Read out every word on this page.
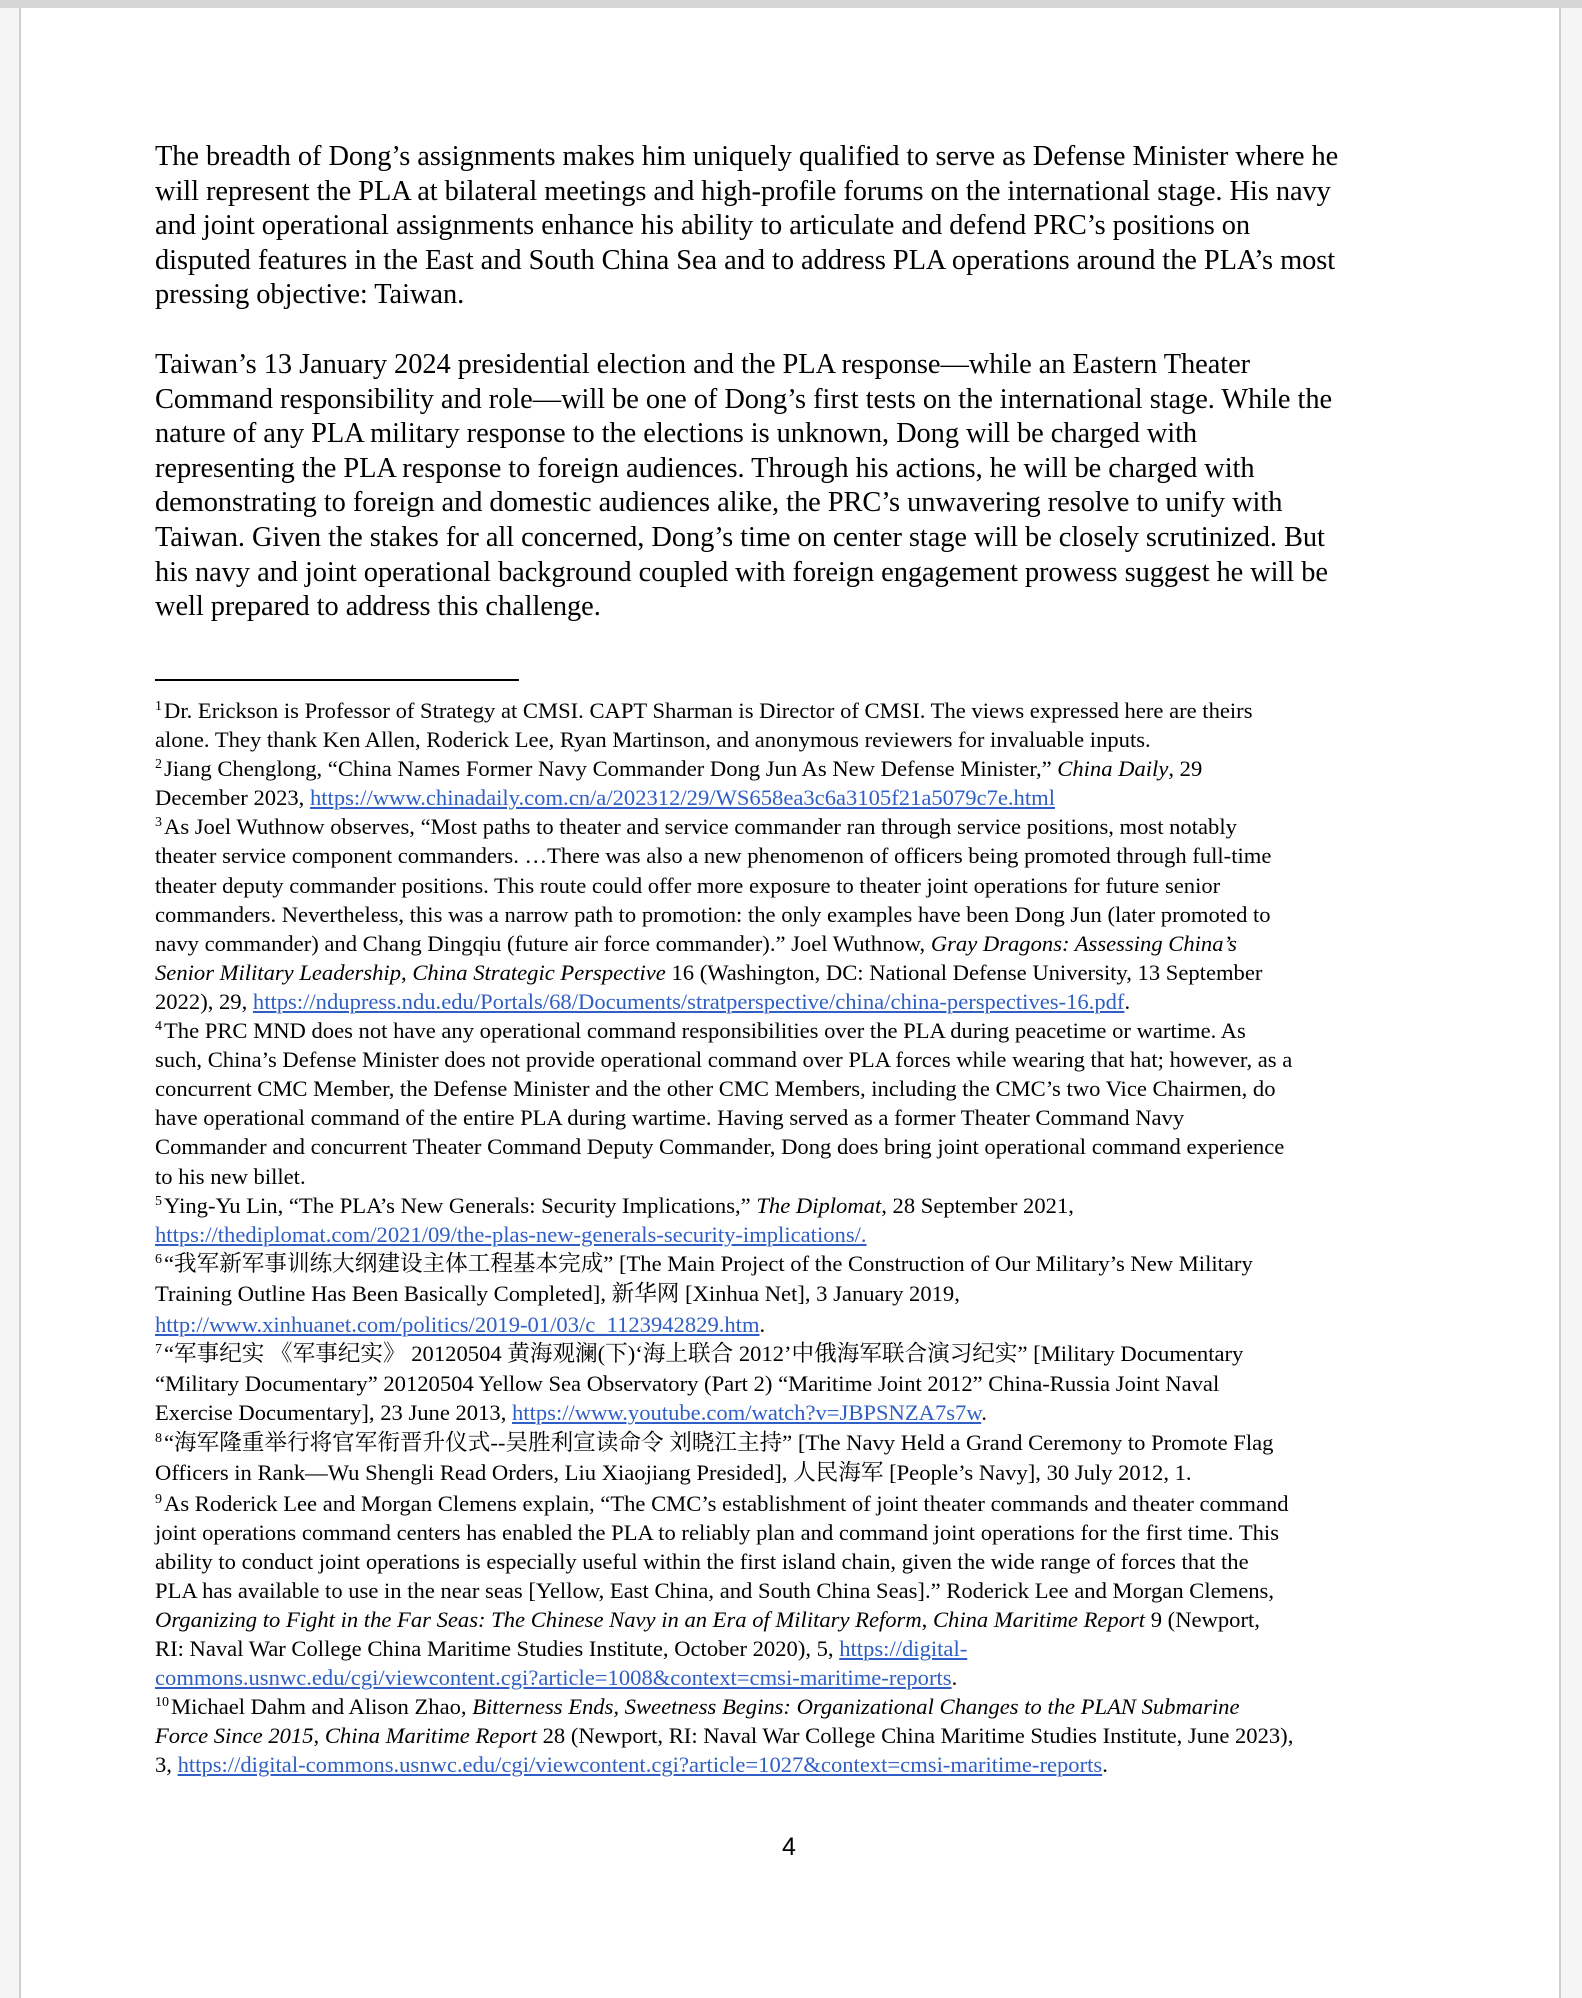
The breadth of Dong’s assignments makes him uniquely qualified to serve as Defense Minister where he
will represent the PLA at bilateral meetings and high-profile forums on the international stage. His navy
and joint operational assignments enhance his ability to articulate and defend PRC’s positions on
disputed features in the East and South China Sea and to address PLA operations around the PLA’s most
pressing objective: Taiwan.
Taiwan’s 13 January 2024 presidential election and the PLA response—while an Eastern Theater
Command responsibility and role—will be one of Dong’s first tests on the international stage. While the
nature of any PLA military response to the elections is unknown, Dong will be charged with
representing the PLA response to foreign audiences. Through his actions, he will be charged with
demonstrating to foreign and domestic audiences alike, the PRC’s unwavering resolve to unify with
Taiwan. Given the stakes for all concerned, Dong’s time on center stage will be closely scrutinized. But
his navy and joint operational background coupled with foreign engagement prowess suggest he will be
well prepared to address this challenge.
$^1$Dr. Erickson is Professor of Strategy at CMSI. CAPT Sharman is Director of CMSI. The views expressed here are theirs
alone. They thank Ken Allen, Roderick Lee, Ryan Martinson, and anonymous reviewers for invaluable inputs.
$^2$Jiang Chenglong, “China Names Former Navy Commander Dong Jun As New Defense Minister,” China Daily, 29
December 2023, https://www.chinadaily.com.cn/a/202312/29/WS658ea3c6a3105f21a5079c7e.html
$^3$As Joel Wuthnow observes, “Most paths to theater and service commander ran through service positions, most notably
theater service component commanders. …There was also a new phenomenon of officers being promoted through full-time
theater deputy commander positions. This route could offer more exposure to theater joint operations for future senior
commanders. Nevertheless, this was a narrow path to promotion: the only examples have been Dong Jun (later promoted to
navy commander) and Chang Dingqiu (future air force commander).” Joel Wuthnow, Gray Dragons: Assessing China’s
Senior Military Leadership, China Strategic Perspective 16 (Washington, DC: National Defense University, 13 September
2022), 29, https://ndupress.ndu.edu/Portals/68/Documents/stratperspective/china/china-perspectives-16.pdf.
$^4$The PRC MND does not have any operational command responsibilities over the PLA during peacetime or wartime. As
such, China’s Defense Minister does not provide operational command over PLA forces while wearing that hat; however, as a
concurrent CMC Member, the Defense Minister and the other CMC Members, including the CMC’s two Vice Chairmen, do
have operational command of the entire PLA during wartime. Having served as a former Theater Command Navy
Commander and concurrent Theater Command Deputy Commander, Dong does bring joint operational command experience
to his new billet.
$^5$Ying-Yu Lin, “The PLA’s New Generals: Security Implications,” The Diplomat, 28 September 2021,
https://thediplomat.com/2021/09/the-plas-new-generals-security-implications/.
$^6$“我军新军事训练大纲建设主体工程基本完成” [The Main Project of the Construction of Our Military’s New Military
Training Outline Has Been Basically Completed], 新华网 [Xinhua Net], 3 January 2019,
http://www.xinhuanet.com/politics/2019-01/03/c_1123942829.htm.
$^7$“军事纪实 《军事纪实》 20120504 黄海观澜(下)‘海上联合 2012’中俄海军联合演习纪实” [Military Documentary
“Military Documentary” 20120504 Yellow Sea Observatory (Part 2) “Maritime Joint 2012” China-Russia Joint Naval
Exercise Documentary], 23 June 2013, https://www.youtube.com/watch?v=JBPSNZA7s7w.
$^8$“海军隆重举行将官军衔晋升仪式--吴胜利宣读命令 刘晓江主持” [The Navy Held a Grand Ceremony to Promote Flag
Officers in Rank—Wu Shengli Read Orders, Liu Xiaojiang Presided], 人民海军 [People’s Navy], 30 July 2012, 1.
$^9$As Roderick Lee and Morgan Clemens explain, “The CMC’s establishment of joint theater commands and theater command
joint operations command centers has enabled the PLA to reliably plan and command joint operations for the first time. This
ability to conduct joint operations is especially useful within the first island chain, given the wide range of forces that the
PLA has available to use in the near seas [Yellow, East China, and South China Seas].” Roderick Lee and Morgan Clemens,
Organizing to Fight in the Far Seas: The Chinese Navy in an Era of Military Reform, China Maritime Report 9 (Newport,
RI: Naval War College China Maritime Studies Institute, October 2020), 5, https://digital-
commons.usnwc.edu/cgi/viewcontent.cgi?article=1008&context=cmsi-maritime-reports.
$^{10}$Michael Dahm and Alison Zhao, Bitterness Ends, Sweetness Begins: Organizational Changes to the PLAN Submarine
Force Since 2015, China Maritime Report 28 (Newport, RI: Naval War College China Maritime Studies Institute, June 2023),
3, https://digital-commons.usnwc.edu/cgi/viewcontent.cgi?article=1027&context=cmsi-maritime-reports.
4
